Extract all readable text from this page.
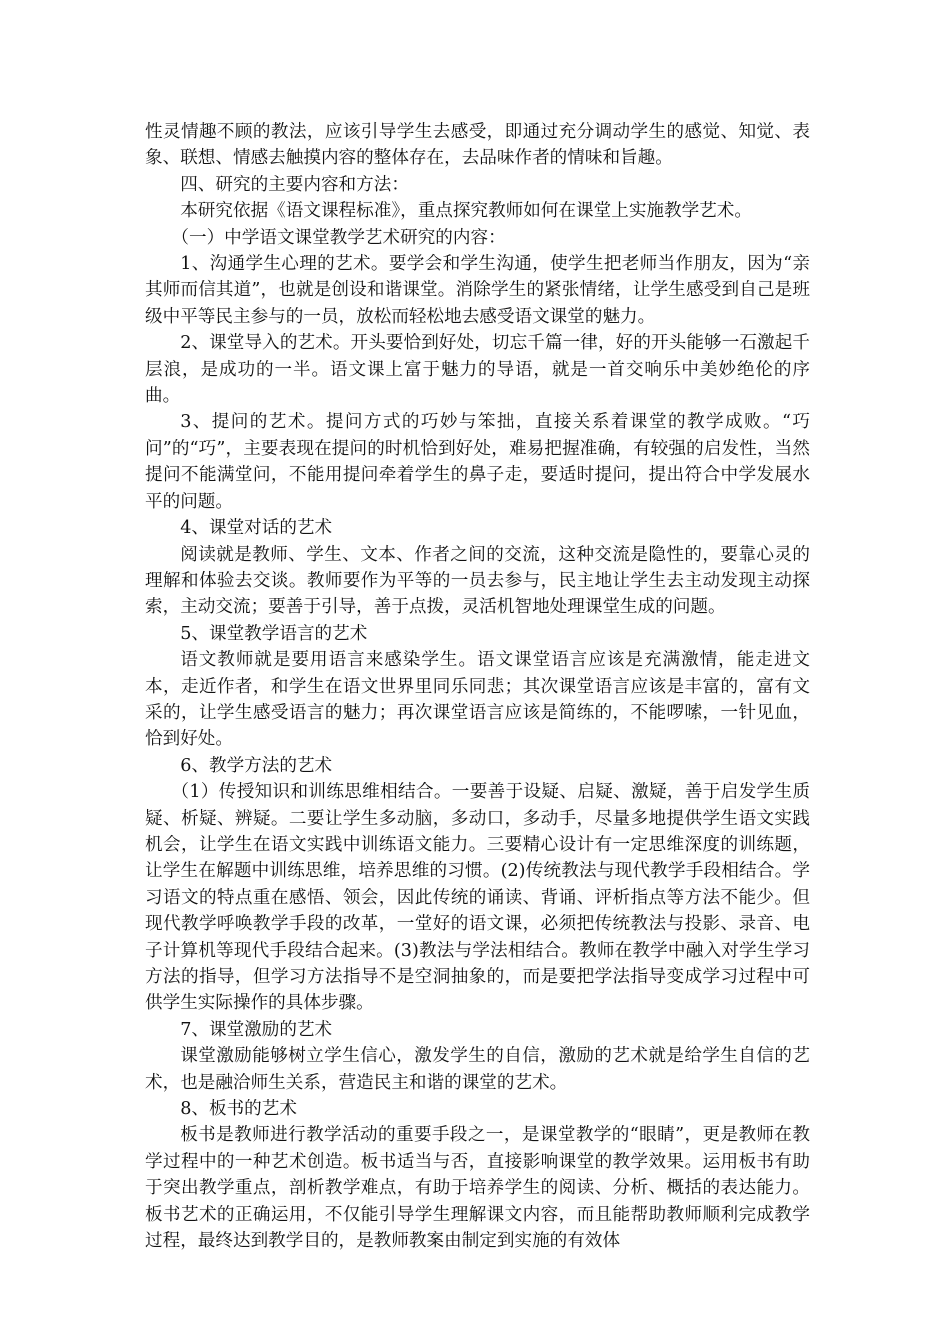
性灵情趣不顾的教法，应该引导学生去感受，即通过充分调动学生的感觉、知觉、表象、联想、情感去触摸内容的整体存在，去品味作者的情味和旨趣。

四、研究的主要内容和方法：

本研究依据《语文课程标准》，重点探究教师如何在课堂上实施教学艺术。

（一）中学语文课堂教学艺术研究的内容：

1、沟通学生心理的艺术。要学会和学生沟通，使学生把老师当作朋友，因为“亲其师而信其道”，也就是创设和谐课堂。消除学生的紧张情绪，让学生感受到自己是班级中平等民主参与的一员，放松而轻松地去感受语文课堂的魅力。

2、课堂导入的艺术。开头要恰到好处，切忘千篇一律，好的开头能够一石激起千层浪，是成功的一半。语文课上富于魅力的导语，就是一首交响乐中美妙绝伦的序曲。

3、提问的艺术。提问方式的巧妙与笨拙，直接关系着课堂的教学成败。“巧问”的“巧”，主要表现在提问的时机恰到好处，难易把握准确，有较强的启发性，当然提问不能满堂问，不能用提问牵着学生的鼻子走，要适时提问，提出符合中学发展水平的问题。

4、课堂对话的艺术

阅读就是教师、学生、文本、作者之间的交流，这种交流是隐性的，要靠心灵的理解和体验去交谈。教师要作为平等的一员去参与，民主地让学生去主动发现主动探索，主动交流；要善于引导，善于点拨，灵活机智地处理课堂生成的问题。

5、课堂教学语言的艺术

语文教师就是要用语言来感染学生。语文课堂语言应该是充满激情，能走进文本，走近作者，和学生在语文世界里同乐同悲；其次课堂语言应该是丰富的，富有文采的，让学生感受语言的魅力；再次课堂语言应该是简练的，不能啰嗦，一针见血，恰到好处。

6、教学方法的艺术

（1）传授知识和训练思维相结合。一要善于设疑、启疑、激疑，善于启发学生质疑、析疑、辨疑。二要让学生多动脑，多动口，多动手，尽量多地提供学生语文实践机会，让学生在语文实践中训练语文能力。三要精心设计有一定思维深度的训练题，让学生在解题中训练思维，培养思维的习惯。(2)传统教法与现代教学手段相结合。学习语文的特点重在感悟、领会，因此传统的诵读、背诵、评析指点等方法不能少。但现代教学呼唤教学手段的改革，一堂好的语文课，必须把传统教法与投影、录音、电子计算机等现代手段结合起来。(3)教法与学法相结合。教师在教学中融入对学生学习方法的指导，但学习方法指导不是空洞抽象的，而是要把学法指导变成学习过程中可供学生实际操作的具体步骤。

7、课堂激励的艺术

课堂激励能够树立学生信心，激发学生的自信，激励的艺术就是给学生自信的艺术，也是融洽师生关系，营造民主和谐的课堂的艺术。

8、板书的艺术

板书是教师进行教学活动的重要手段之一，是课堂教学的“眼睛”，更是教师在教学过程中的一种艺术创造。板书适当与否，直接影响课堂的教学效果。运用板书有助于突出教学重点，剖析教学难点，有助于培养学生的阅读、分析、概括的表达能力。板书艺术的正确运用，不仅能引导学生理解课文内容，而且能帮助教师顺利完成教学过程，最终达到教学目的，是教师教案由制定到实施的有效体
